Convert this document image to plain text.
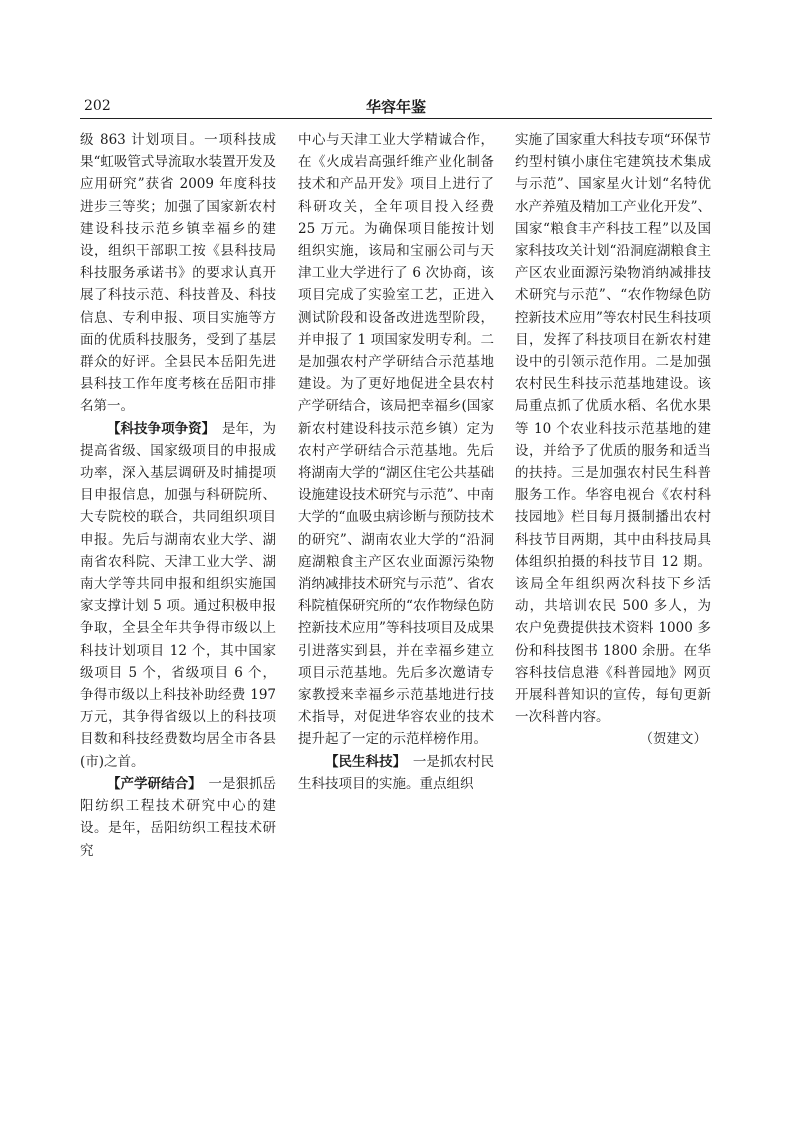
202	华容年鉴

级 863 计划项目。一项科技成果“虹吸管式导流取水装置开发及应用研究”获省 2009 年度科技进步三等奖；加强了国家新农村建设科技示范乡镇幸福乡的建设，组织干部职工按《县科技局科技服务承诺书》的要求认真开展了科技示范、科技普及、科技信息、专利申报、项目实施等方面的优质科技服务，受到了基层群众的好评。全县民本岳阳先进县科技工作年度考核在岳阳市排名第一。

【科技争项争资】　 是年，为提高省级、国家级项目的申报成功率，深入基层调研及时捕提项目申报信息，加强与科研院所、大专院校的联合，共同组织项目申报。先后与湖南农业大学、湖南省农科院、天津工业大学、湖南大学等共同申报和组织实施国家支撑计划 5 项。通过积极申报争取，全县全年共争得市级以上科技计划项目 12 个，其中国家级项目 5 个，省级项目 6 个，争得市级以上科技补助经费 197 万元，其争得省级以上的科技项目数和科技经费数均居全市各县(市)之首。

【产学研结合】　 一是狠抓岳阳纺织工程技术研究中心的建设。是年，岳阳纺织工程技术研究

中心与天津工业大学精诚合作，在《火成岩高强纤维产业化制备技术和产品开发》项目上进行了科研攻关，全年项目投入经费 25 万元。为确保项目能按计划组织实施，该局和宝丽公司与天津工业大学进行了 6 次协商，该项目完成了实验室工艺，正进入测试阶段和设备改进选型阶段，并申报了 1 项国家发明专利。二是加强农村产学研结合示范基地建设。为了更好地促进全县农村产学研结合，该局把幸福乡(国家新农村建设科技示范乡镇）定为农村产学研结合示范基地。先后将湖南大学的“湖区住宅公共基础设施建设技术研究与示范”、中南大学的“血吸虫病诊断与预防技术的研究”、湖南农业大学的“沿洞庭湖粮食主产区农业面源污染物消纳减排技术研究与示范”、省农科院植保研究所的“农作物绿色防控新技术应用”等科技项目及成果引进落实到县，并在幸福乡建立项目示范基地。先后多次邀请专家教授来幸福乡示范基地进行技术指导，对促进华容农业的技术提升起了一定的示范样榜作用。

【民生科技】　 一是抓农村民生科技项目的实施。重点组织

实施了国家重大科技专项“环保节约型村镇小康住宅建筑技术集成与示范”、国家星火计划“名特优水产养殖及精加工产业化开发”、国家“粮食丰产科技工程”以及国家科技攻关计划“沿洞庭湖粮食主产区农业面源污染物消纳减排技术研究与示范”、“农作物绿色防控新技术应用”等农村民生科技项目，发挥了科技项目在新农村建设中的引领示范作用。二是加强农村民生科技示范基地建设。该局重点抓了优质水稻、名优水果等 10 个农业科技示范基地的建设，并给予了优质的服务和适当的扶持。三是加强农村民生科普服务工作。华容电视台《农村科技园地》栏目每月摄制播出农村科技节目两期，其中由科技局具体组织拍摄的科技节目 12 期。该局全年组织两次科技下乡活动，共培训农民 500 多人，为农户免费提供技术资料 1000 多份和科技图书 1800 余册。在华容科技信息港《科普园地》网页开展科普知识的宣传，每旬更新一次科普内容。

（贺建文）
